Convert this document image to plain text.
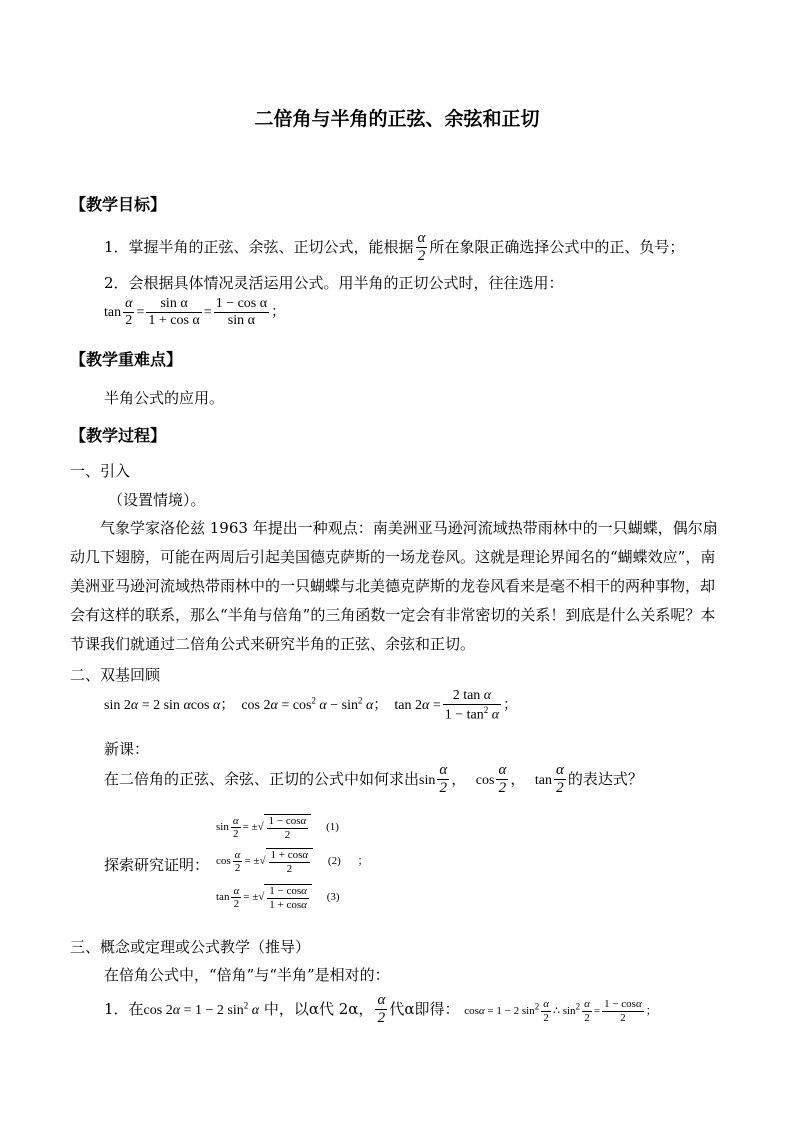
二倍角与半角的正弦、余弦和正切
【教学目标】
1．掌握半角的正弦、余弦、正切公式，能根据 $\frac{\alpha}{2}$ 所在象限正确选择公式中的正、负号；
2．会根据具体情况灵活运用公式。用半角的正切公式时，往往选用：
$\tan \frac{\alpha}{2} = \frac{\text{sin α}}{\text{1 + cos α}} = \frac{\text{1 − cos α}}{\text{sin α}}$ ；
【教学重难点】
半角公式的应用。
【教学过程】
一、引入
（设置情境）。
气象学家洛伦兹 1963 年提出一种观点：南美洲亚马逊河流域热带雨林中的一只蝴蝶，偶尔扇动几下翅膀，可能在两周后引起美国德克萨斯的一场龙卷风。这就是理论界闻名的“蝴蝶效应”，南美洲亚马逊河流域热带雨林中的一只蝴蝶与北美德克萨斯的龙卷风看来是毫不相干的两种事物，却会有这样的联系，那么“半角与倍角”的三角函数一定会有非常密切的关系！到底是什么关系呢？本节课我们就通过二倍角公式来研究半角的正弦、余弦和正切。
二、双基回顾
sin 2α = 2 sin αcos α；  $\cos 2\alpha = \cos^2 \alpha - \sin^2 \alpha$；  $\tan 2\alpha = \frac{\text{2 tan α}}{1 - \tan^2 \alpha}$ ；
新课：
在二倍角的正弦、余弦、正切的公式中如何求出$\sin \frac{\alpha}{2}$ ，  $\cos \frac{\alpha}{2}$ ，  $\tan \frac{\alpha}{2}$ 的表达式？
$\sin \frac{\alpha}{2}$ = ±√ $\frac{1 - \cos\alpha}{2} (1)$
探索研究证明： $\cos \frac{\alpha}{2}$ = ±√ $\frac{1 + \cos\alpha}{2} (2)$ ；
$\tan \frac{\alpha}{2}$ = ±√ $\frac{1 - \cos\alpha}{1 + \cos\alpha} (3)$
三、概念或定理或公式教学（推导）
在倍角公式中，“倍角”与“半角”是相对的：
1．在cos 2α = 1 − 2 $\sin^2 \alpha$ 中，以α代 2α， $\frac{\alpha}{2}$ 代α即得： cosα = 1 − 2 $\sin^2 \frac{\alpha}{2}$ ∴ $\sin^2 \frac{\alpha}{2} = \frac{1 - \cos\alpha}{2}$ ；
